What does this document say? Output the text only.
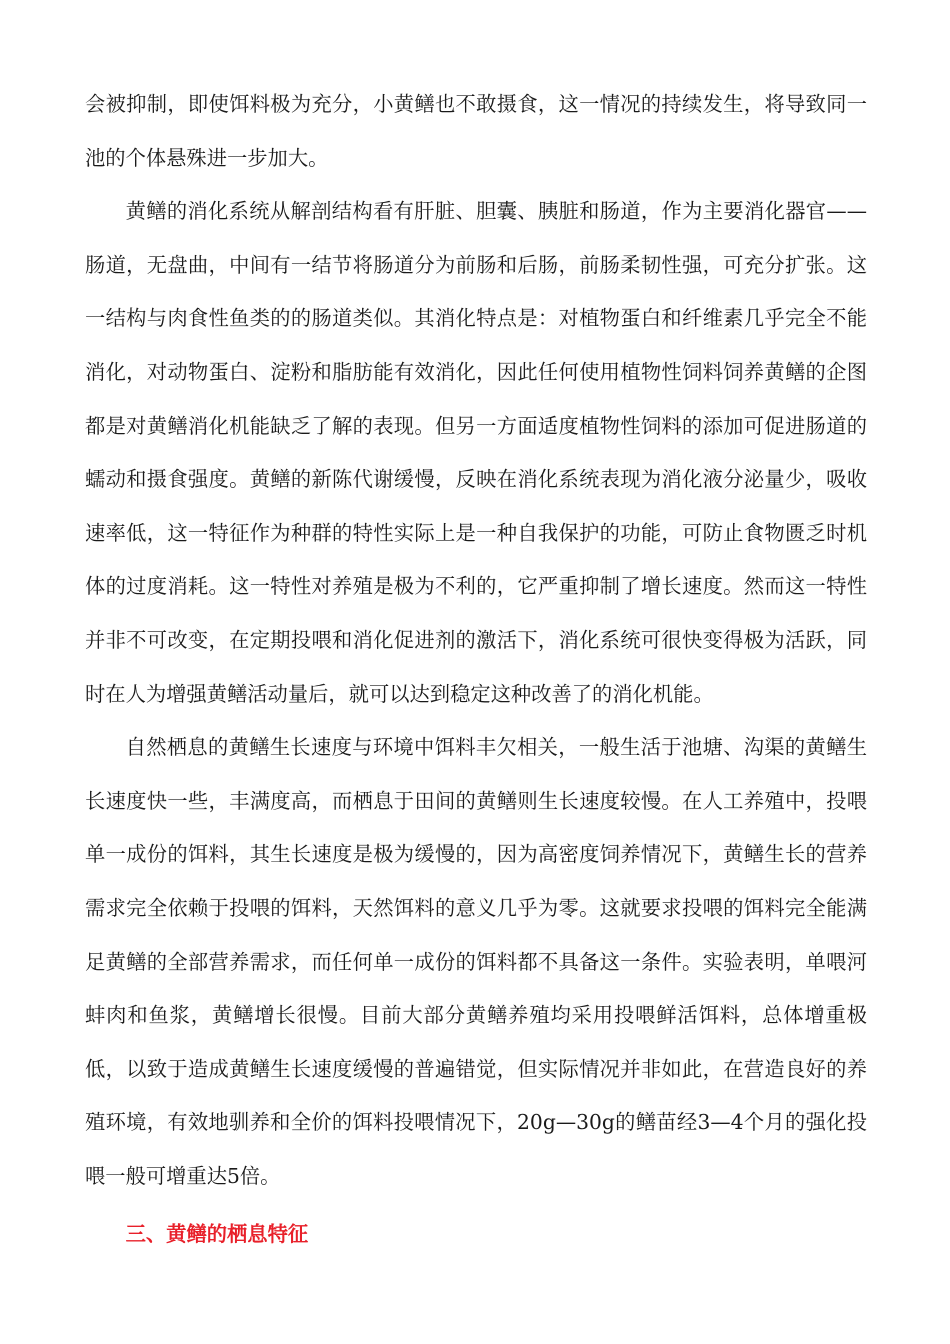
会被抑制，即使饵料极为充分，小黄鳝也不敢摄食，这一情况的持续发生，将导致同一池的个体悬殊进一步加大。

黄鳝的消化系统从解剖结构看有肝脏、胆囊、胰脏和肠道，作为主要消化器官——肠道，无盘曲，中间有一结节将肠道分为前肠和后肠，前肠柔韧性强，可充分扩张。这一结构与肉食性鱼类的的肠道类似。其消化特点是：对植物蛋白和纤维素几乎完全不能消化，对动物蛋白、淀粉和脂肪能有效消化，因此任何使用植物性饲料饲养黄鳝的企图都是对黄鳝消化机能缺乏了解的表现。但另一方面适度植物性饲料的添加可促进肠道的蠕动和摄食强度。黄鳝的新陈代谢缓慢，反映在消化系统表现为消化液分泌量少，吸收速率低，这一特征作为种群的特性实际上是一种自我保护的功能，可防止食物匮乏时机体的过度消耗。这一特性对养殖是极为不利的，它严重抑制了增长速度。然而这一特性并非不可改变，在定期投喂和消化促进剂的激活下，消化系统可很快变得极为活跃，同时在人为增强黄鳝活动量后，就可以达到稳定这种改善了的消化机能。

自然栖息的黄鳝生长速度与环境中饵料丰欠相关，一般生活于池塘、沟渠的黄鳝生长速度快一些，丰满度高，而栖息于田间的黄鳝则生长速度较慢。在人工养殖中，投喂单一成份的饵料，其生长速度是极为缓慢的，因为高密度饲养情况下，黄鳝生长的营养需求完全依赖于投喂的饵料，天然饵料的意义几乎为零。这就要求投喂的饵料完全能满足黄鳝的全部营养需求，而任何单一成份的饵料都不具备这一条件。实验表明，单喂河蚌肉和鱼浆，黄鳝增长很慢。目前大部分黄鳝养殖均采用投喂鲜活饵料，总体增重极低，以致于造成黄鳝生长速度缓慢的普遍错觉，但实际情况并非如此，在营造良好的养殖环境，有效地驯养和全价的饵料投喂情况下，20g—30g的鳝苗经3—4个月的强化投喂一般可增重达5倍。

三、黄鳝的栖息特征
